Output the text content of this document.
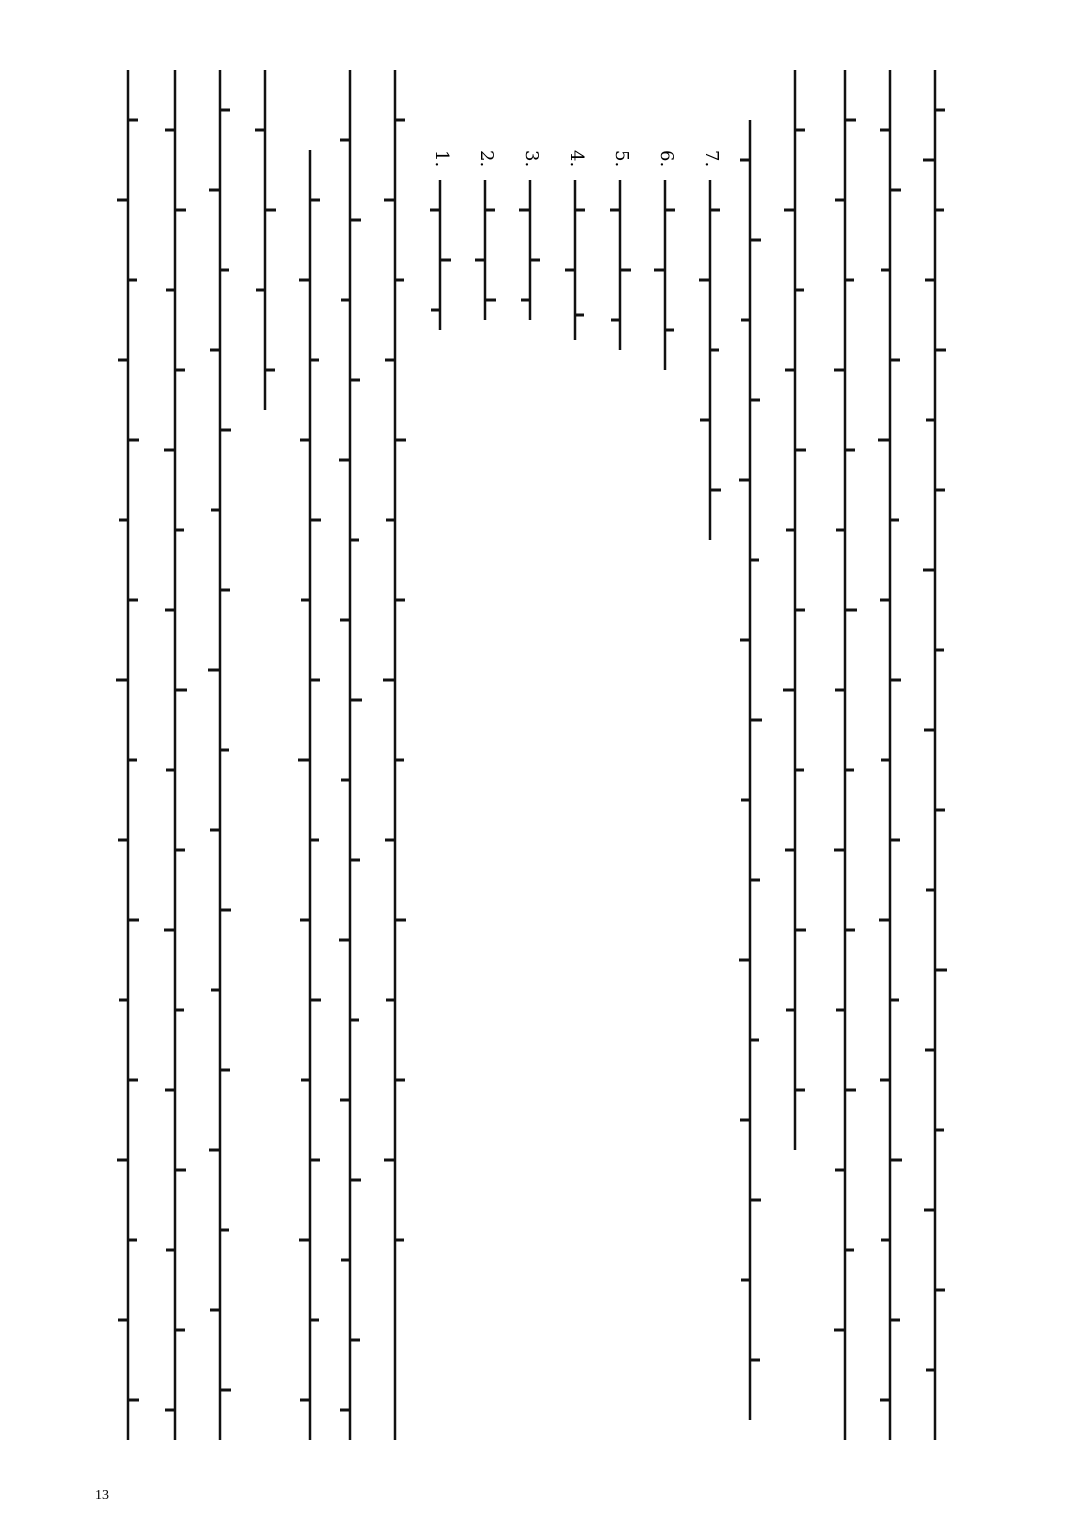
7.
6.
5.
4.
3.
2.
1.
13
